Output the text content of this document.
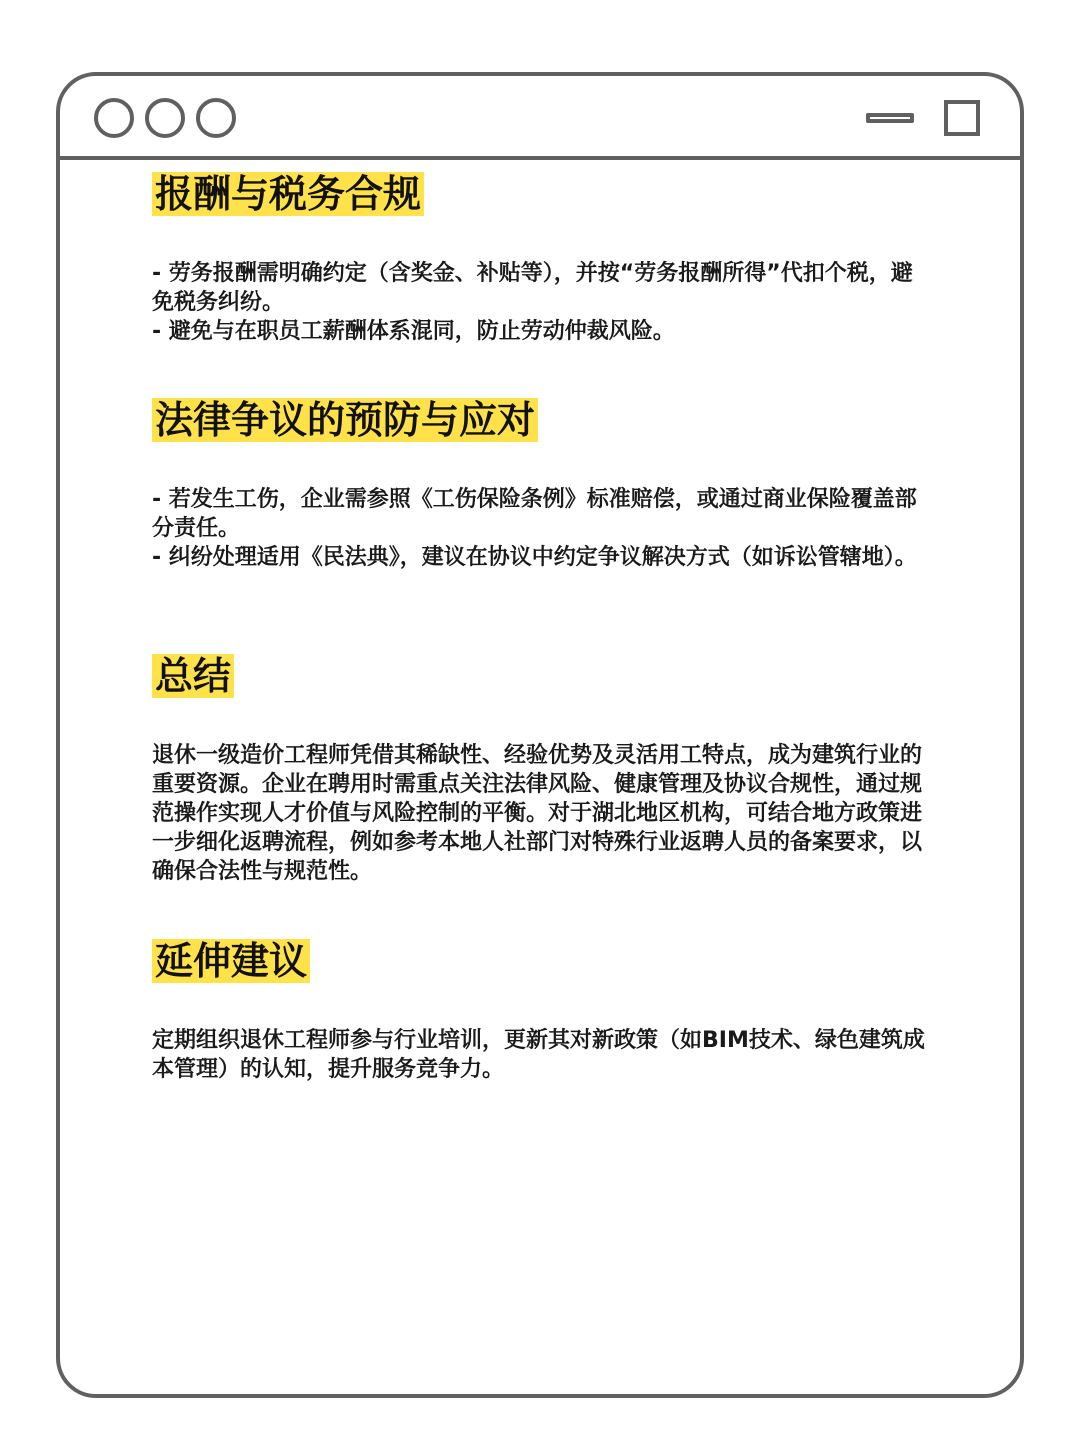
报酬与税务合规

- 劳务报酬需明确约定（含奖金、补贴等），并按“劳务报酬所得”代扣个税，避免税务纠纷。

- 避免与在职员工薪酬体系混同，防止劳动仲裁风险。

法律争议的预防与应对

- 若发生工伤，企业需参照《工伤保险条例》标准赔偿，或通过商业保险覆盖部分责任。

- 纠纷处理适用《民法典》，建议在协议中约定争议解决方式（如诉讼管辖地）。

总结

退休一级造价工程师凭借其稀缺性、经验优势及灵活用工特点，成为建筑行业的重要资源。企业在聘用时需重点关注法律风险、健康管理及协议合规性，通过规范操作实现人才价值与风险控制的平衡。对于湖北地区机构，可结合地方政策进一步细化返聘流程，例如参考本地人社部门对特殊行业返聘人员的备案要求，以确保合法性与规范性。

延伸建议

定期组织退休工程师参与行业培训，更新其对新政策（如BIM技术、绿色建筑成本管理）的认知，提升服务竞争力。
